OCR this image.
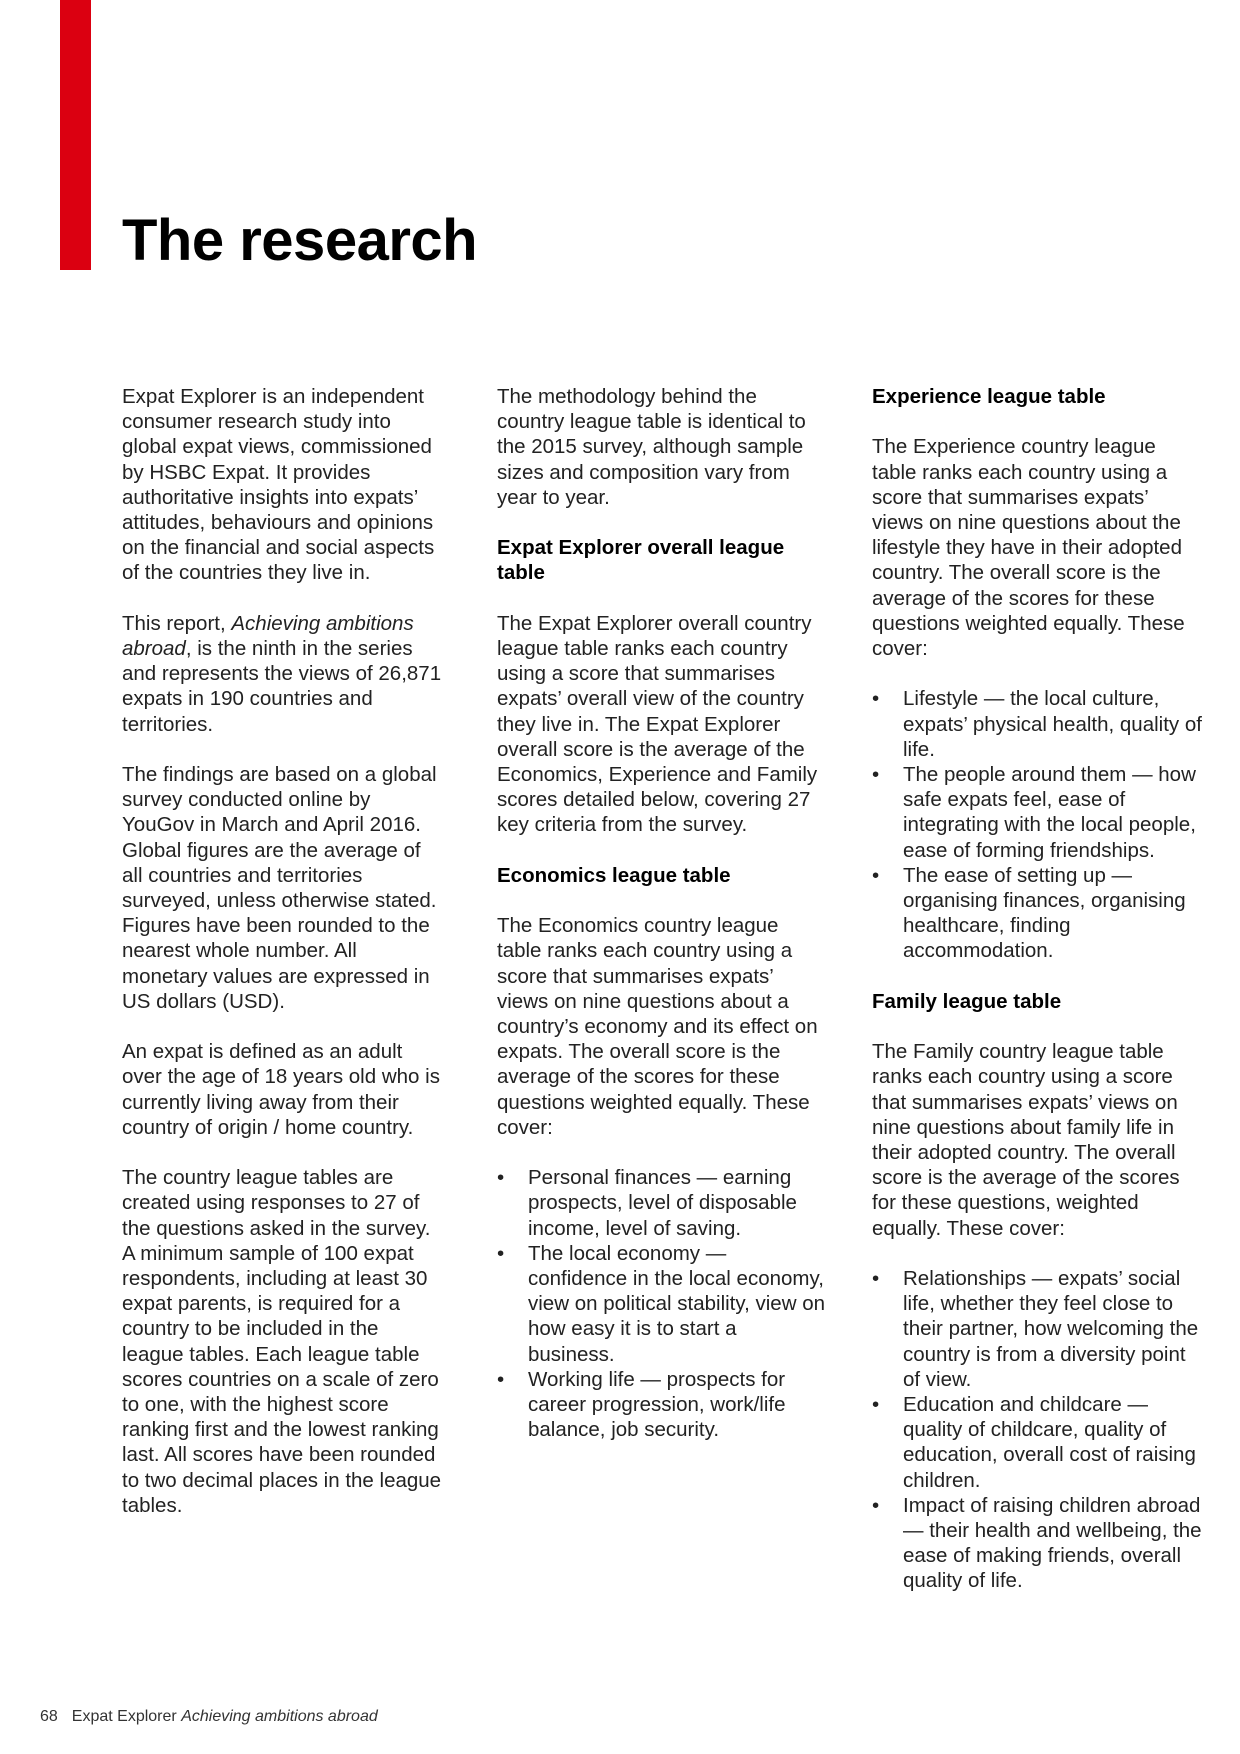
The research

Expat Explorer is an independent consumer research study into global expat views, commissioned by HSBC Expat. It provides authoritative insights into expats’ attitudes, behaviours and opinions on the financial and social aspects of the countries they live in.

This report, Achieving ambitions abroad, is the ninth in the series and represents the views of 26,871 expats in 190 countries and territories.

The findings are based on a global survey conducted online by YouGov in March and April 2016. Global figures are the average of all countries and territories surveyed, unless otherwise stated. Figures have been rounded to the nearest whole number. All monetary values are expressed in US dollars (USD).

An expat is defined as an adult over the age of 18 years old who is currently living away from their country of origin / home country.

The country league tables are created using responses to 27 of the questions asked in the survey. A minimum sample of 100 expat respondents, including at least 30 expat parents, is required for a country to be included in the league tables. Each league table scores countries on a scale of zero to one, with the highest score ranking first and the lowest ranking last. All scores have been rounded to two decimal places in the league tables.

The methodology behind the country league table is identical to the 2015 survey, although sample sizes and composition vary from year to year.

Expat Explorer overall league table

The Expat Explorer overall country league table ranks each country using a score that summarises expats’ overall view of the country they live in. The Expat Explorer overall score is the average of the Economics, Experience and Family scores detailed below, covering 27 key criteria from the survey.

Economics league table

The Economics country league table ranks each country using a score that summarises expats’ views on nine questions about a country’s economy and its effect on expats. The overall score is the average of the scores for these questions weighted equally. These cover:

• Personal finances — earning prospects, level of disposable income, level of saving.
• The local economy — confidence in the local economy, view on political stability, view on how easy it is to start a business.
• Working life — prospects for career progression, work/life balance, job security.
Experience league table

The Experience country league table ranks each country using a score that summarises expats’ views on nine questions about the lifestyle they have in their adopted country. The overall score is the average of the scores for these questions weighted equally. These cover:

• Lifestyle — the local culture, expats’ physical health, quality of life.
• The people around them — how safe expats feel, ease of integrating with the local people, ease of forming friendships.
• The ease of setting up — organising finances, organising healthcare, finding accommodation.
Family league table

The Family country league table ranks each country using a score that summarises expats’ views on nine questions about family life in their adopted country. The overall score is the average of the scores for these questions, weighted equally. These cover:

• Relationships — expats’ social life, whether they feel close to their partner, how welcoming the country is from a diversity point of view.
• Education and childcare — quality of childcare, quality of education, overall cost of raising children.
• Impact of raising children abroad — their health and wellbeing, the ease of making friends, overall quality of life.
68 Expat Explorer Achieving ambitions abroad
